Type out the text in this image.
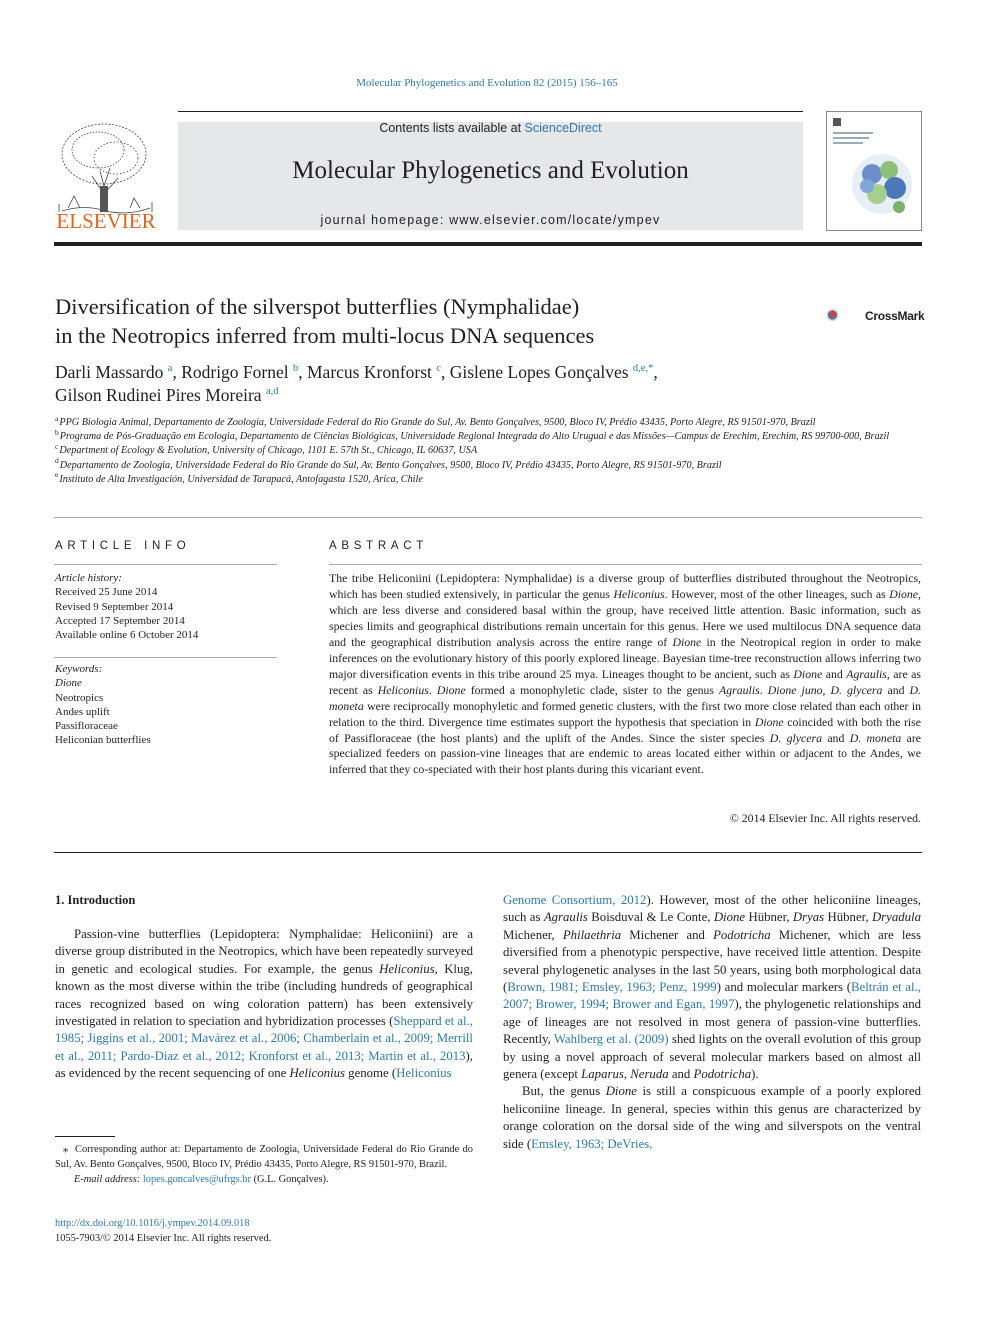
Molecular Phylogenetics and Evolution 82 (2015) 156–165
ELSEVIER
Contents lists available at ScienceDirect
Molecular Phylogenetics and Evolution
journal homepage: www.elsevier.com/locate/ympev
Diversification of the silverspot butterflies (Nymphalidae)
in the Neotropics inferred from multi-locus DNA sequences
CrossMark
Darli Massardo $^a$, Rodrigo Fornel $^b$, Marcus Kronforst $^c$, Gislene Lopes Gonçalves $^{d,e,*}$,
Gilson Rudinei Pires Moreira $^{a,d}$
$^a$PPG Biologia Animal, Departamento de Zoologia, Universidade Federal do Rio Grande do Sul, Av. Bento Gonçalves, 9500, Bloco IV, Prédio 43435, Porto Alegre, RS 91501-970, Brazil
$^b$Programa de Pós-Graduação em Ecologia, Departamento de Ciências Biológicas, Universidade Regional Integrada do Alto Uruguai e das Missões—Campus de Erechim, Erechim, RS 99700-000, Brazil
$^c$Department of Ecology & Evolution, University of Chicago, 1101 E. 57th St., Chicago, IL 60637, USA
$^d$Departamento de Zoologia, Universidade Federal do Rio Grande do Sul, Av. Bento Gonçalves, 9500, Bloco IV, Prédio 43435, Porto Alegre, RS 91501-970, Brazil
$^e$Instituto de Alta Investigación, Universidad de Tarapacá, Antofagasta 1520, Arica, Chile
ARTICLE INFO	ABSTRACT
Article history:
Received 25 June 2014
Revised 9 September 2014
Accepted 17 September 2014
Available online 6 October 2014
Keywords:
Dione
Neotropics
Andes uplift
Passifloraceae
Heliconian butterflies
The tribe Heliconiini (Lepidoptera: Nymphalidae) is a diverse group of butterflies distributed throughout the Neotropics, which has been studied extensively, in particular the genus Heliconius. However, most of the other lineages, such as Dione, which are less diverse and considered basal within the group, have received little attention. Basic information, such as species limits and geographical distributions remain uncertain for this genus. Here we used multilocus DNA sequence data and the geographical distribution analysis across the entire range of Dione in the Neotropical region in order to make inferences on the evolutionary history of this poorly explored lineage. Bayesian time-tree reconstruction allows inferring two major diversification events in this tribe around 25 mya. Lineages thought to be ancient, such as Dione and Agraulis, are as recent as Heliconius. Dione formed a monophyletic clade, sister to the genus Agraulis. Dione juno, D. glycera and D. moneta were reciprocally monophyletic and formed genetic clusters, with the first two more close related than each other in relation to the third. Divergence time estimates support the hypothesis that speciation in Dione coincided with both the rise of Passifloraceae (the host plants) and the uplift of the Andes. Since the sister species D. glycera and D. moneta are specialized feeders on passion-vine lineages that are endemic to areas located either within or adjacent to the Andes, we inferred that they co-speciated with their host plants during this vicariant event.
© 2014 Elsevier Inc. All rights reserved.
1. Introduction
Passion-vine butterflies (Lepidoptera: Nymphalidae: Heliconiini) are a diverse group distributed in the Neotropics, which have been repeatedly surveyed in genetic and ecological studies. For example, the genus Heliconius, Klug, known as the most diverse within the tribe (including hundreds of geographical races recognized based on wing coloration pattern) has been extensively investigated in relation to speciation and hybridization processes (Sheppard et al., 1985; Jiggins et al., 2001; Mavárez et al., 2006; Chamberlain et al., 2009; Merrill et al., 2011; Pardo-Diaz et al., 2012; Kronforst et al., 2013; Martin et al., 2013), as evidenced by the recent sequencing of one Heliconius genome (Heliconius
Genome Consortium, 2012). However, most of the other heliconiine lineages, such as Agraulis Boisduval & Le Conte, Dione Hübner, Dryas Hübner, Dryadula Michener, Philaethria Michener and Podotricha Michener, which are less diversified from a phenotypic perspective, have received little attention. Despite several phylogenetic analyses in the last 50 years, using both morphological data (Brown, 1981; Emsley, 1963; Penz, 1999) and molecular markers (Beltrán et al., 2007; Brower, 1994; Brower and Egan, 1997), the phylogenetic relationships and age of lineages are not resolved in most genera of passion-vine butterflies. Recently, Wahlberg et al. (2009) shed lights on the overall evolution of this group by using a novel approach of several molecular markers based on almost all genera (except Laparus, Neruda and Podotricha).
But, the genus Dione is still a conspicuous example of a poorly explored heliconiine lineage. In general, species within this genus are characterized by orange coloration on the dorsal side of the wing and silverspots on the ventral side (Emsley, 1963; DeVries,
⁎  Corresponding author at: Departamento de Zoologia, Universidade Federal do Rio Grande do Sul, Av. Bento Gonçalves, 9500, Bloco IV, Prédio 43435, Porto Alegre, RS 91501-970, Brazil.
E-mail address: lopes.goncalves@ufrgs.br (G.L. Gonçalves).
http://dx.doi.org/10.1016/j.ympev.2014.09.018
1055-7903/© 2014 Elsevier Inc. All rights reserved.
